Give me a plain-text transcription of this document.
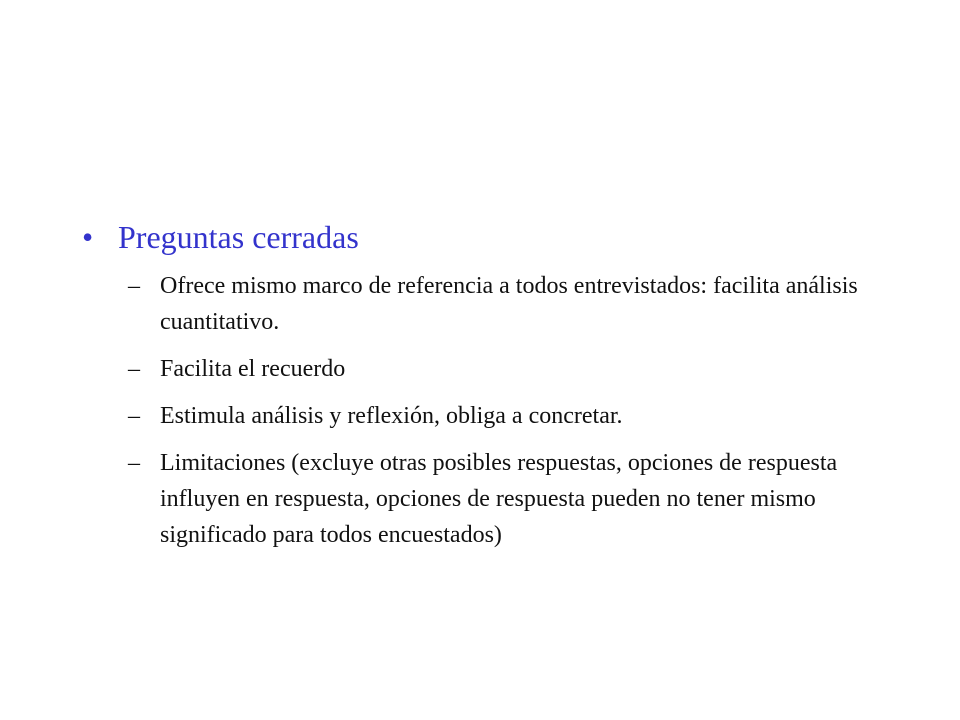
• Preguntas cerradas
– Ofrece mismo marco de referencia a todos entrevistados: facilita análisis cuantitativo.
– Facilita el recuerdo
– Estimula análisis y reflexión, obliga a concretar.
– Limitaciones (excluye otras posibles respuestas, opciones de respuesta influyen en respuesta, opciones de respuesta pueden no tener mismo significado para todos encuestados)
